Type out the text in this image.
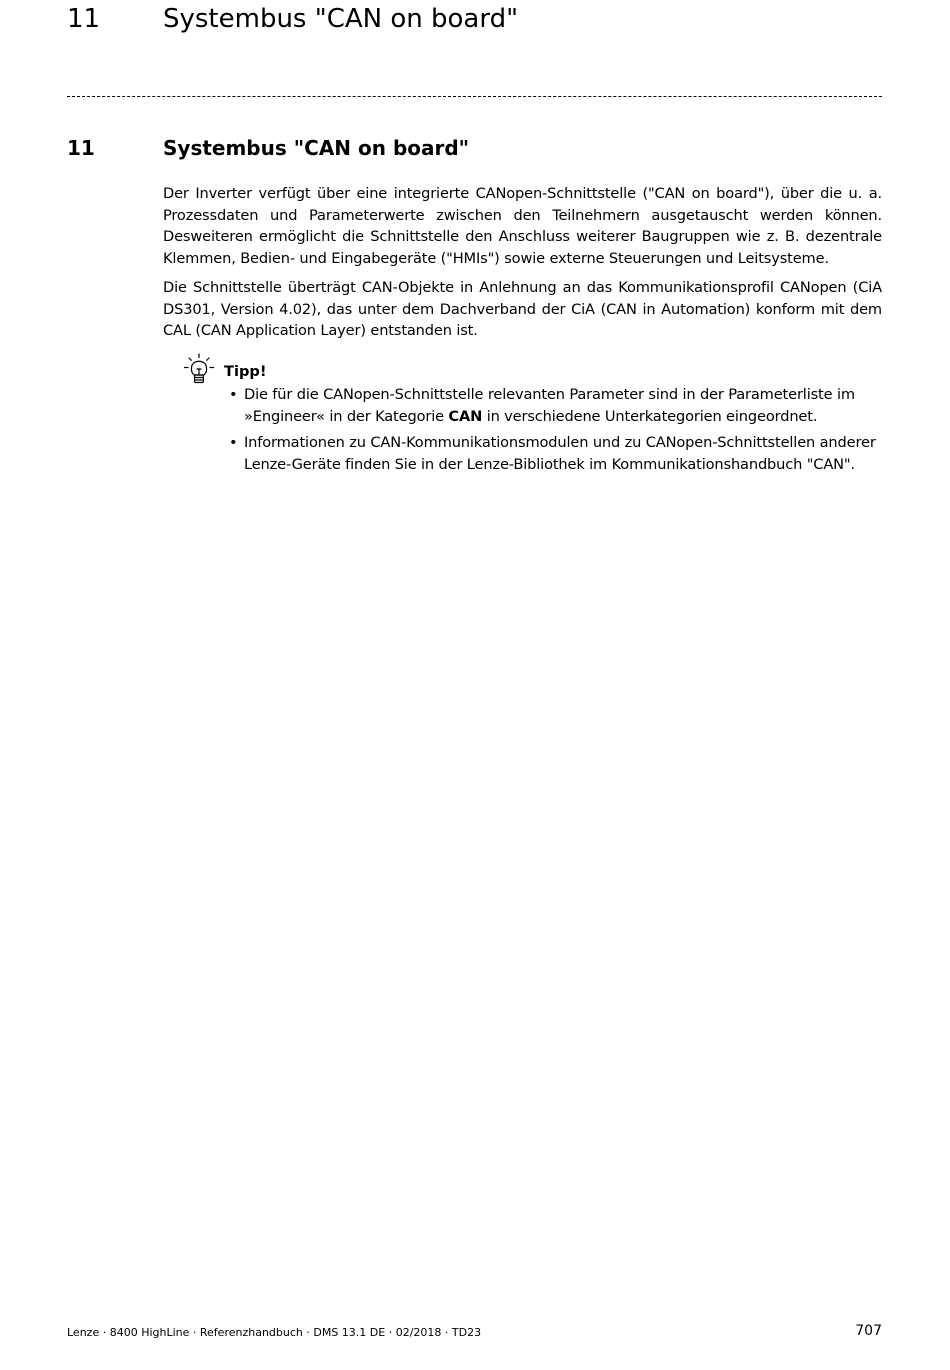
11 Systembus "CAN on board"
11	Systembus "CAN on board"

Der Inverter verfügt über eine integrierte CANopen-Schnittstelle ("CAN on board"), über die u. a. Prozessdaten und Parameterwerte zwischen den Teilnehmern ausgetauscht werden können. Desweiteren ermöglicht die Schnittstelle den Anschluss weiterer Baugruppen wie z. B. dezentrale Klemmen, Bedien- und Eingabegeräte ("HMIs") sowie externe Steuerungen und Leitsysteme.

Die Schnittstelle überträgt CAN-Objekte in Anlehnung an das Kommunikationsprofil CANopen (CiA DS301, Version 4.02), das unter dem Dachverband der CiA (CAN in Automation) konform mit dem CAL (CAN Application Layer) entstanden ist.

Tipp!
• Die für die CANopen-Schnittstelle relevanten Parameter sind in der Parameterliste im »Engineer« in der Kategorie CAN in verschiedene Unterkategorien eingeordnet.
• Informationen zu CAN-Kommunikationsmodulen und zu CANopen-Schnittstellen anderer Lenze-Geräte finden Sie in der Lenze-Bibliothek im Kommunikationshandbuch "CAN".
Lenze · 8400 HighLine · Referenzhandbuch · DMS 13.1 DE · 02/2018 · TD23	707
